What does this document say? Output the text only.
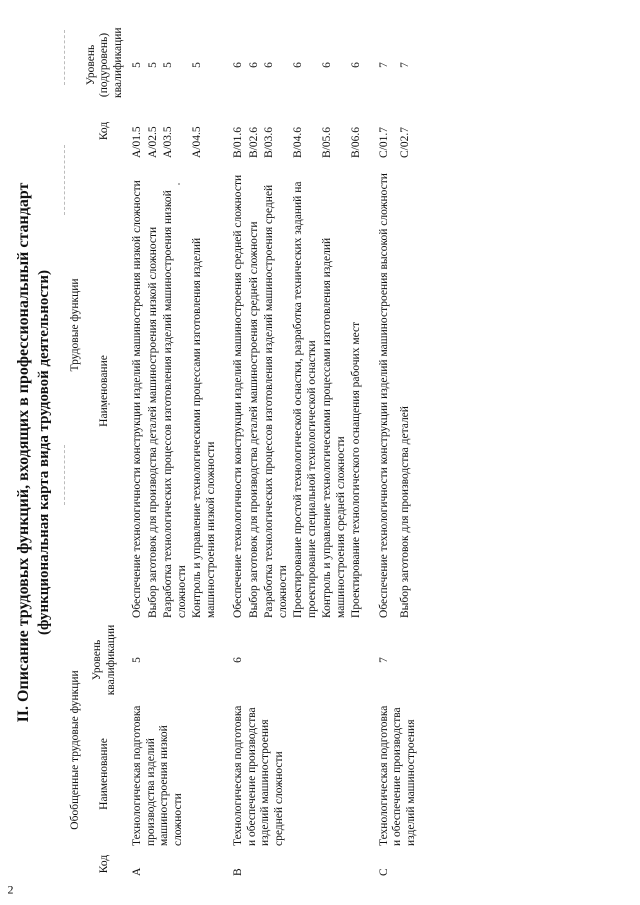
2
II. Описание трудовых функций, входящих в профессиональный стандарт (функциональная карта вида трудовой деятельности)
Обобщенные трудовые функции			Трудовые функции		
Код	Наименование	Уровень квалификации	Наименование	Код	Уровень (подуровень) квалификации
A	Технологическая подготовка производства изделий машиностроения низкой сложности	5	Обеспечение технологичности конструкции изделий машиностроения низкой сложности	A/01.5	5
			Выбор заготовок для производства деталей машиностроения низкой сложности	A/02.5	5
			Разработка технологических процессов изготовления изделий машиностроения низкой сложности	A/03.5	5
			Контроль и управление технологическими процессами изготовления изделий машиностроения низкой сложности	A/04.5	5
B	Технологическая подготовка и обеспечение производства изделий машиностроения средней сложности	6	Обеспечение технологичности конструкции изделий машиностроения средней сложности	B/01.6	6
			Выбор заготовок для производства деталей машиностроения средней сложности	B/02.6	6
			Разработка технологических процессов изготовления изделий машиностроения средней сложности	B/03.6	6
			Проектирование простой технологической оснастки, разработка технических заданий на проектирование специальной технологической оснастки	B/04.6	6
			Контроль и управление технологическими процессами изготовления изделий машиностроения средней сложности	B/05.6	6
			Проектирование технологического оснащения рабочих мест	B/06.6	6
C	Технологическая подготовка и обеспечение производства изделий машиностроения	7	Обеспечение технологичности конструкции изделий машиностроения высокой сложности	C/01.7	7
			Выбор заготовок для производства деталей	C/02.7	7
